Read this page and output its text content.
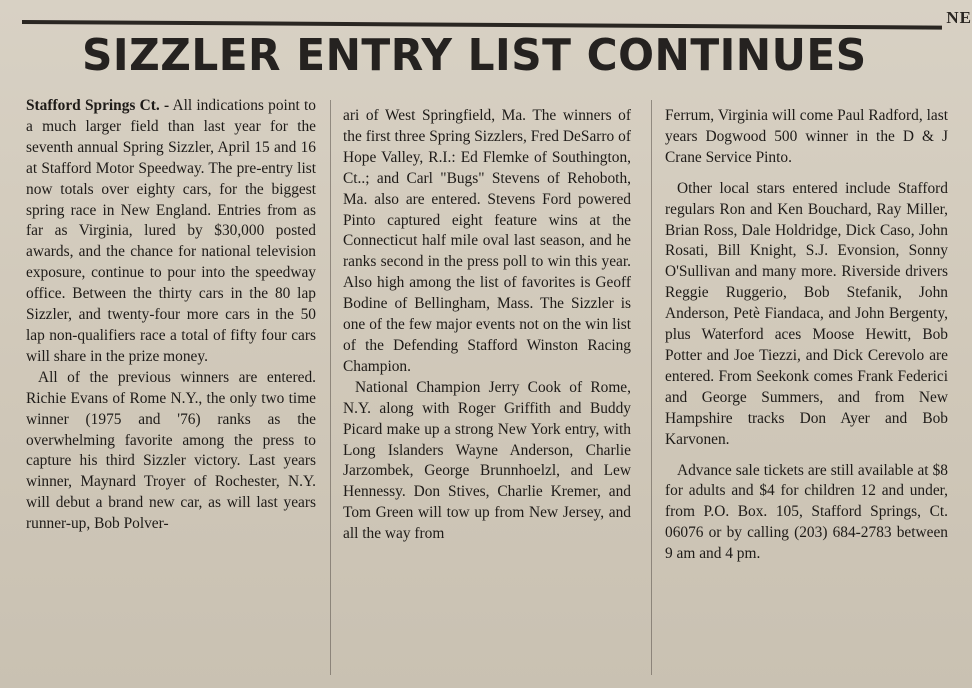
NE
SIZZLER ENTRY LIST CONTINUES

Stafford Springs Ct. - All indications point to a much larger field than last year for the seventh annual Spring Sizzler, April 15 and 16 at Stafford Motor Speedway. The pre-entry list now totals over eighty cars, for the biggest spring race in New England. Entries from as far as Virginia, lured by $30,000 posted awards, and the chance for national television exposure, continue to pour into the speedway office. Between the thirty cars in the 80 lap Sizzler, and twenty-four more cars in the 50 lap non-qualifiers race a total of fifty four cars will share in the prize money.

All of the previous winners are entered. Richie Evans of Rome N.Y., the only two time winner (1975 and '76) ranks as the overwhelming favorite among the press to capture his third Sizzler victory. Last years winner, Maynard Troyer of Rochester, N.Y. will debut a brand new car, as will last years runner-up, Bob Polver-

ari of West Springfield, Ma. The winners of the first three Spring Sizzlers, Fred DeSarro of Hope Valley, R.I.: Ed Flemke of Southington, Ct..; and Carl "Bugs" Stevens of Rehoboth, Ma. also are entered. Stevens Ford powered Pinto captured eight feature wins at the Connecticut half mile oval last season, and he ranks second in the press poll to win this year. Also high among the list of favorites is Geoff Bodine of Bellingham, Mass. The Sizzler is one of the few major events not on the win list of the Defending Stafford Winston Racing Champion.

National Champion Jerry Cook of Rome, N.Y. along with Roger Griffith and Buddy Picard make up a strong New York entry, with Long Islanders Wayne Anderson, Charlie Jarzombek, George Brunnhoelzl, and Lew Hennessy. Don Stives, Charlie Kremer, and Tom Green will tow up from New Jersey, and all the way from

Ferrum, Virginia will come Paul Radford, last years Dogwood 500 winner in the D & J Crane Service Pinto.

Other local stars entered include Stafford regulars Ron and Ken Bouchard, Ray Miller, Brian Ross, Dale Holdridge, Dick Caso, John Rosati, Bill Knight, S.J. Evonsion, Sonny O'Sullivan and many more. Riverside drivers Reggie Ruggerio, Bob Stefanik, John Anderson, Petè Fiandaca, and John Bergenty, plus Waterford aces Moose Hewitt, Bob Potter and Joe Tiezzi, and Dick Cerevolo are entered. From Seekonk comes Frank Federici and George Summers, and from New Hampshire tracks Don Ayer and Bob Karvonen.

Advance sale tickets are still available at $8 for adults and $4 for children 12 and under, from P.O. Box. 105, Stafford Springs, Ct. 06076 or by calling (203) 684-2783 between 9 am and 4 pm.
